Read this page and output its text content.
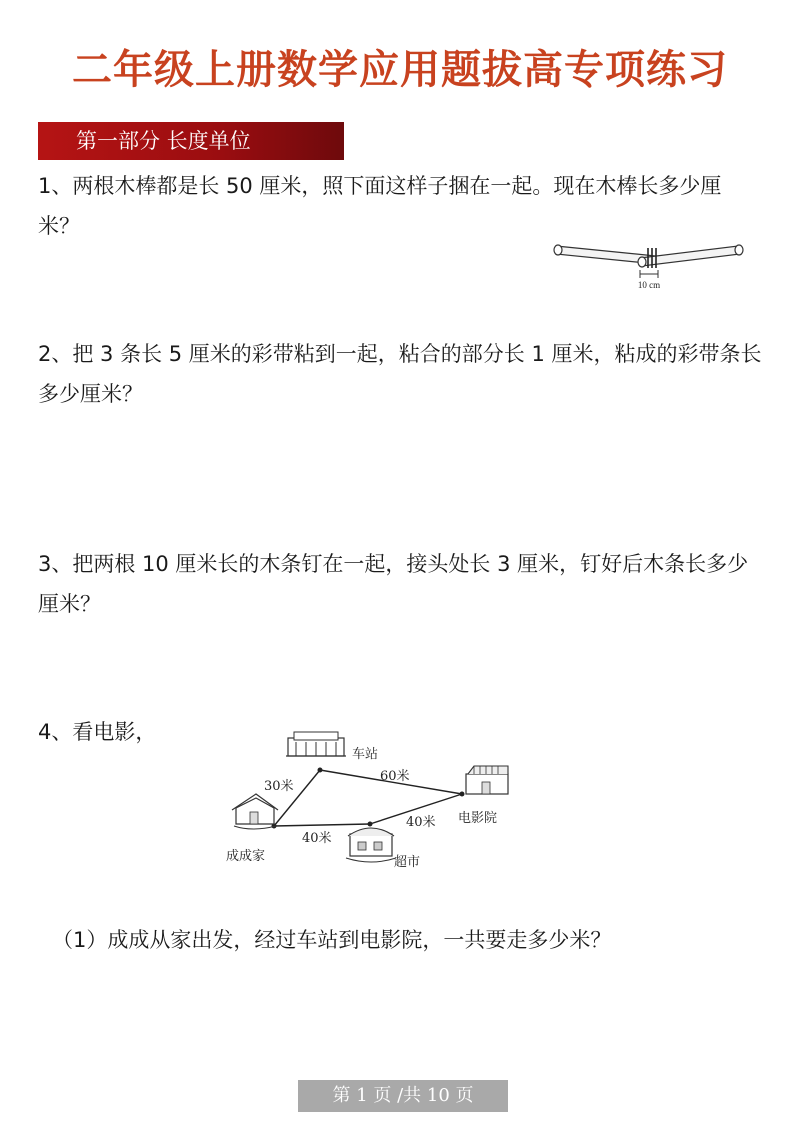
二年级上册数学应用题拔高专项练习
第一部分 长度单位
1、两根木棒都是长 50 厘米，照下面这样子捆在一起。现在木棒长多少厘 米？
10 cm
2、把 3 条长 5 厘米的彩带粘到一起，粘合的部分长 1 厘米，粘成的彩带条长多少厘米？
3、把两根 10 厘米长的木条钉在一起，接头处长 3 厘米，钉好后木条长多少厘米？
4、看电影，
车站
电影院
成成家	超市
30米
60米
40米
40米
（1）成成从家出发，经过车站到电影院，一共要走多少米？
第 1 页 /共 10 页
